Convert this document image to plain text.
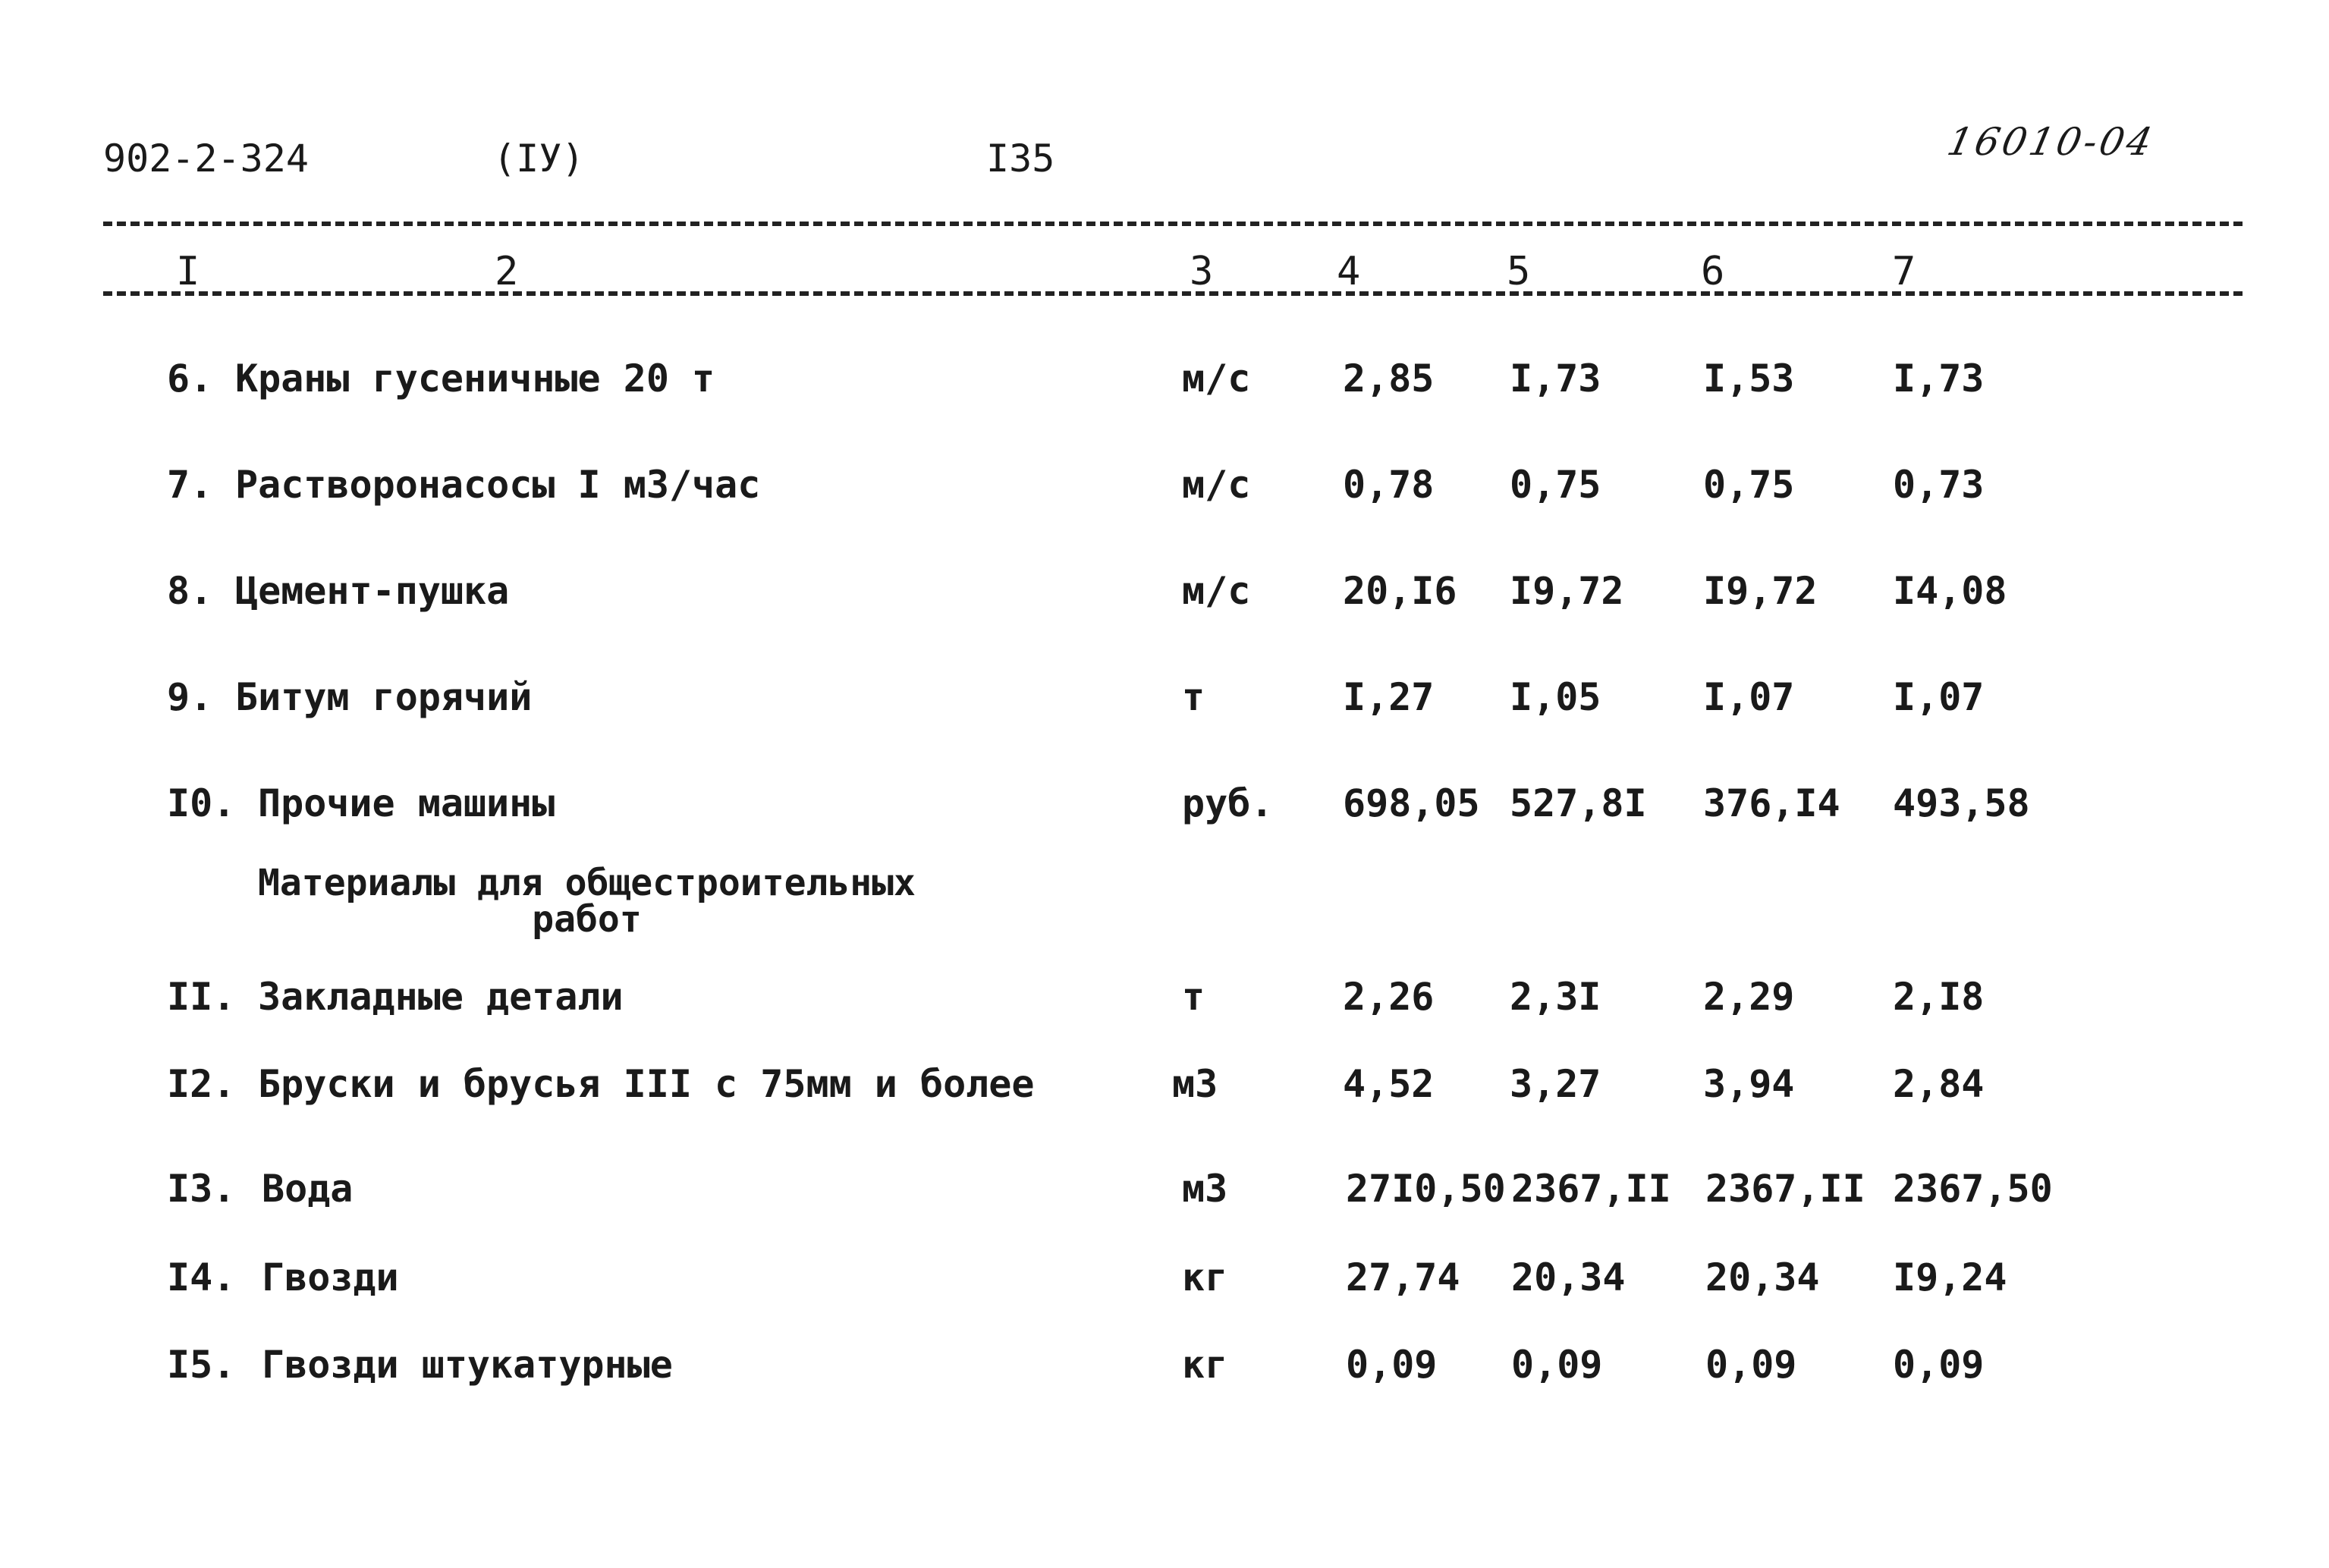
902-2-324	(IУ)	I35	16010-04
I	2	3	4	5	6	7
6. Краны гусеничные 20 т	м/с 2,85 I,73	I,53	I,73
7. Растворонасосы I м3/час	м/с 0,78 0,75	0,75	0,73
8. Цемент-пушка	м/с 20,I6 I9,72 I9,72 I4,08
9. Битум горячий	т	I,27 I,05	I,07	I,07
I0. Прочие машины	руб. 698,05 527,8I 376,I4 493,58
Материалы для общестроительных
работ
II. Закладные детали	т	2,26 2,3I	2,29	2,I8
I2. Бруски и брусья III с 75мм и более	м3	4,52 3,27	3,94	2,84
I3. Вода	м3	27I0,50 2367,II 2367,II 2367,50
I4. Гвозди	кг	27,74 20,34 20,34 I9,24
I5. Гвозди штукатурные	кг	0,09 0,09	0,09	0,09
